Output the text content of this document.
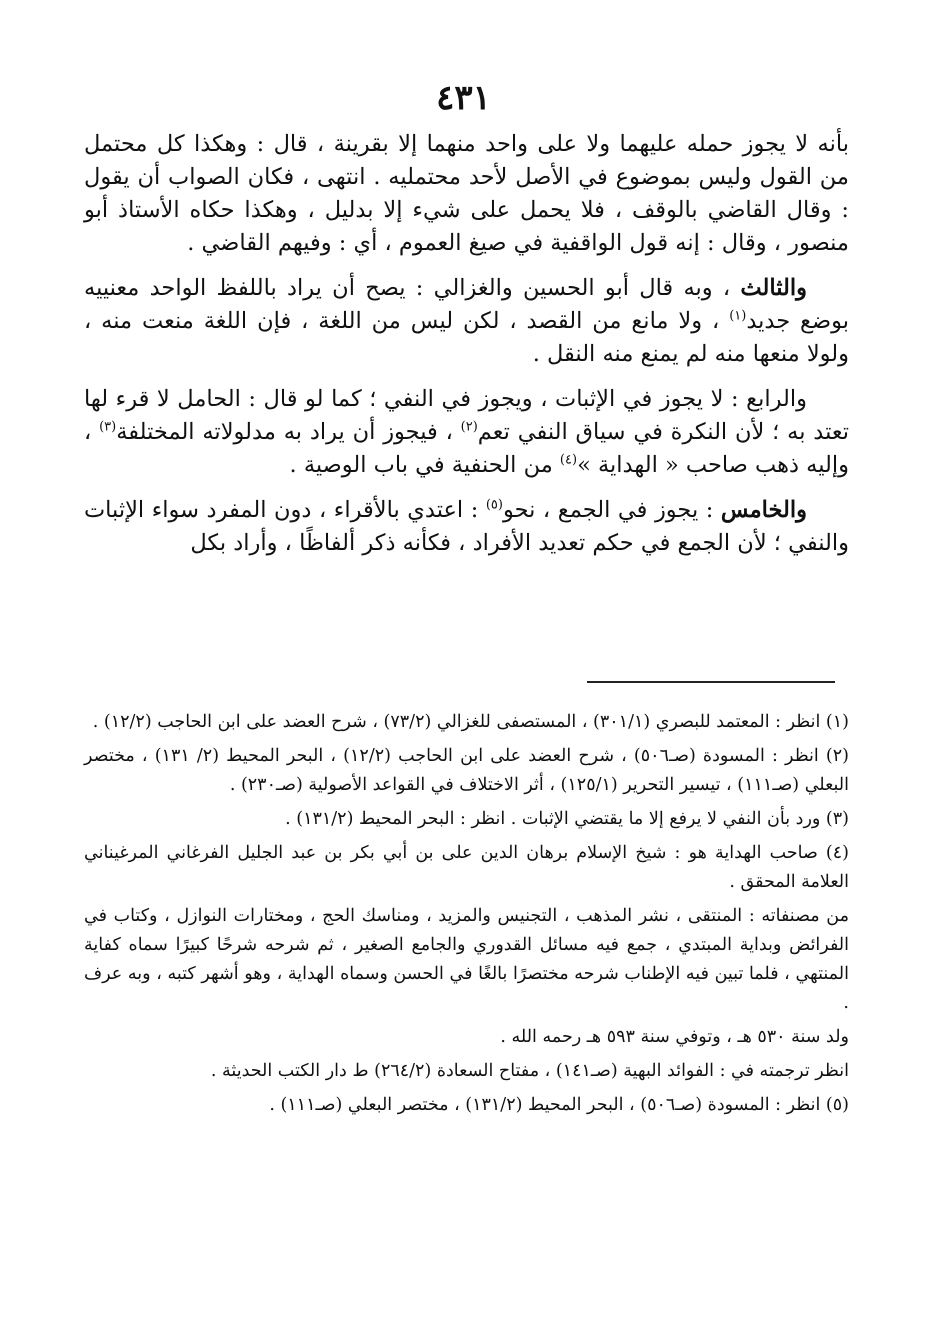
٤٣١

بأنه لا يجوز حمله عليهما ولا على واحد منهما إلا بقرينة ، قال : وهكذا كل محتمل من القول وليس بموضوع في الأصل لأحد محتمليه . انتهى ، فكان الصواب أن يقول : وقال القاضي بالوقف ، فلا يحمل على شيء إلا بدليل ، وهكذا حكاه الأستاذ أبو منصور ، وقال : إنه قول الواقفية في صيغ العموم ، أي : وفيهم القاضي .

والثالث ، وبه قال أبو الحسين والغزالي : يصح أن يراد باللفظ الواحد معنييه بوضع جديد$^{(١)}$ ، ولا مانع من القصد ، لكن ليس من اللغة ، فإن اللغة منعت منه ، ولولا منعها منه لم يمنع منه النقل .

والرابع : لا يجوز في الإثبات ، ويجوز في النفي ؛ كما لو قال : الحامل لا قرء لها تعتد به ؛ لأن النكرة في سياق النفي تعم$^{(٢)}$ ، فيجوز أن يراد به مدلولاته المختلفة$^{(٣)}$ ، وإليه ذهب صاحب « الهداية »$^{(٤)}$ من الحنفية في باب الوصية .

والخامس : يجوز في الجمع ، نحو$^{(٥)}$ : اعتدي بالأقراء ، دون المفرد سواء الإثبات والنفي ؛ لأن الجمع في حكم تعديد الأفراد ، فكأنه ذكر ألفاظًا ، وأراد بكل

(١) انظر : المعتمد للبصري (٣٠١/١) ، المستصفى للغزالي (٧٣/٢) ، شرح العضد على ابن الحاجب (١٢/٢) .

(٢) انظر : المسودة (صـ٥٠٦) ، شرح العضد على ابن الحاجب (١٢/٢) ، البحر المحيط (٢/ ١٣١) ، مختصر البعلي (صـ١١١) ، تيسير التحرير (١٢٥/١) ، أثر الاختلاف في القواعد الأصولية (صـ٢٣٠) .

(٣) ورد بأن النفي لا يرفع إلا ما يقتضي الإثبات . انظر : البحر المحيط (١٣١/٢) .

(٤) صاحب الهداية هو : شيخ الإسلام برهان الدين على بن أبي بكر بن عبد الجليل الفرغاني المرغيناني العلامة المحقق .

من مصنفاته : المنتقى ، نشر المذهب ، التجنيس والمزيد ، ومناسك الحج ، ومختارات النوازل ، وكتاب في الفرائض وبداية المبتدي ، جمع فيه مسائل القدوري والجامع الصغير ، ثم شرحه شرحًا كبيرًا سماه كفاية المنتهي ، فلما تبين فيه الإطناب شرحه مختصرًا بالغًا في الحسن وسماه الهداية ، وهو أشهر كتبه ، وبه عرف .

ولد سنة ٥٣٠ هـ ، وتوفي سنة ٥٩٣ هـ رحمه الله .

انظر ترجمته في : الفوائد البهية (صـ١٤١) ، مفتاح السعادة (٢٦٤/٢) ط دار الكتب الحديثة .

(٥) انظر : المسودة (صـ٥٠٦) ، البحر المحيط (١٣١/٢) ، مختصر البعلي (صـ١١١) .
